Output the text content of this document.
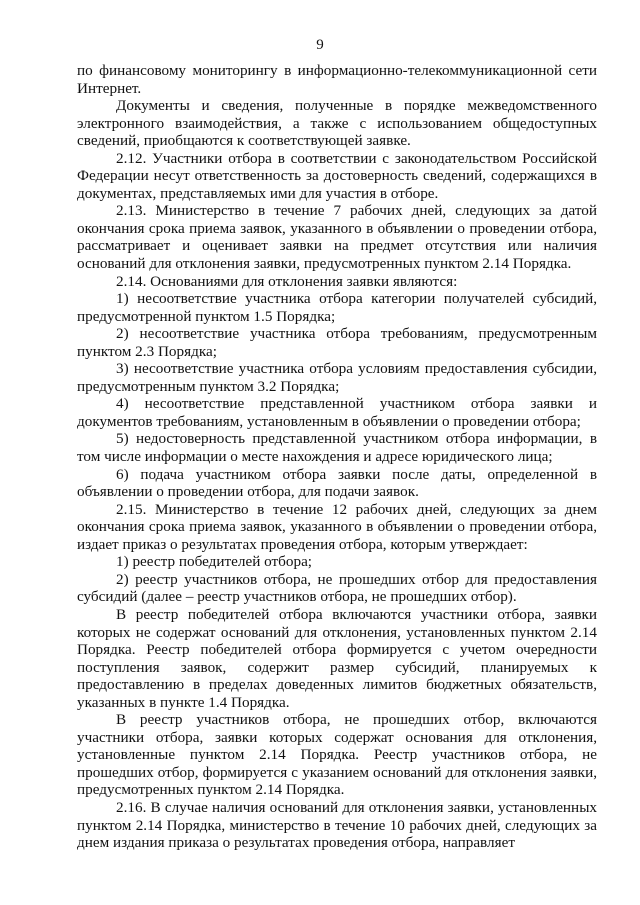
9

по финансовому мониторингу в информационно-телекоммуникационной сети Интернет.

Документы и сведения, полученные в порядке межведомственного электронного взаимодействия, а также с использованием общедоступных сведений, приобщаются к соответствующей заявке.

2.12. Участники отбора в соответствии с законодательством Российской Федерации несут ответственность за достоверность сведений, содержащихся в документах, представляемых ими для участия в отборе.

2.13. Министерство в течение 7 рабочих дней, следующих за датой окончания срока приема заявок, указанного в объявлении о проведении отбора, рассматривает и оценивает заявки на предмет отсутствия или наличия оснований для отклонения заявки, предусмотренных пунктом 2.14 Порядка.

2.14. Основаниями для отклонения заявки являются:

1) несоответствие участника отбора категории получателей субсидий, предусмотренной пунктом 1.5 Порядка;

2) несоответствие участника отбора требованиям, предусмотренным пунктом 2.3 Порядка;

3) несоответствие участника отбора условиям предоставления субсидии, предусмотренным пунктом 3.2 Порядка;

4) несоответствие представленной участником отбора заявки и документов требованиям, установленным в объявлении о проведении отбора;

5) недостоверность представленной участником отбора информации, в том числе информации о месте нахождения и адресе юридического лица;

6) подача участником отбора заявки после даты, определенной в объявлении о проведении отбора, для подачи заявок.

2.15. Министерство в течение 12 рабочих дней, следующих за днем окончания срока приема заявок, указанного в объявлении о проведении отбора, издает приказ о результатах проведения отбора, которым утверждает:

1) реестр победителей отбора;

2) реестр участников отбора, не прошедших отбор для предоставления субсидий (далее – реестр участников отбора, не прошедших отбор).

В реестр победителей отбора включаются участники отбора, заявки которых не содержат оснований для отклонения, установленных пунктом 2.14 Порядка. Реестр победителей отбора формируется с учетом очередности поступления заявок, содержит размер субсидий, планируемых к предоставлению в пределах доведенных лимитов бюджетных обязательств, указанных в пункте 1.4 Порядка.

В реестр участников отбора, не прошедших отбор, включаются участники отбора, заявки которых содержат основания для отклонения, установленные пунктом 2.14 Порядка. Реестр участников отбора, не прошедших отбор, формируется с указанием оснований для отклонения заявки, предусмотренных пунктом 2.14 Порядка.

2.16. В случае наличия оснований для отклонения заявки, установленных пунктом 2.14 Порядка, министерство в течение 10 рабочих дней, следующих за днем издания приказа о результатах проведения отбора, направляет
